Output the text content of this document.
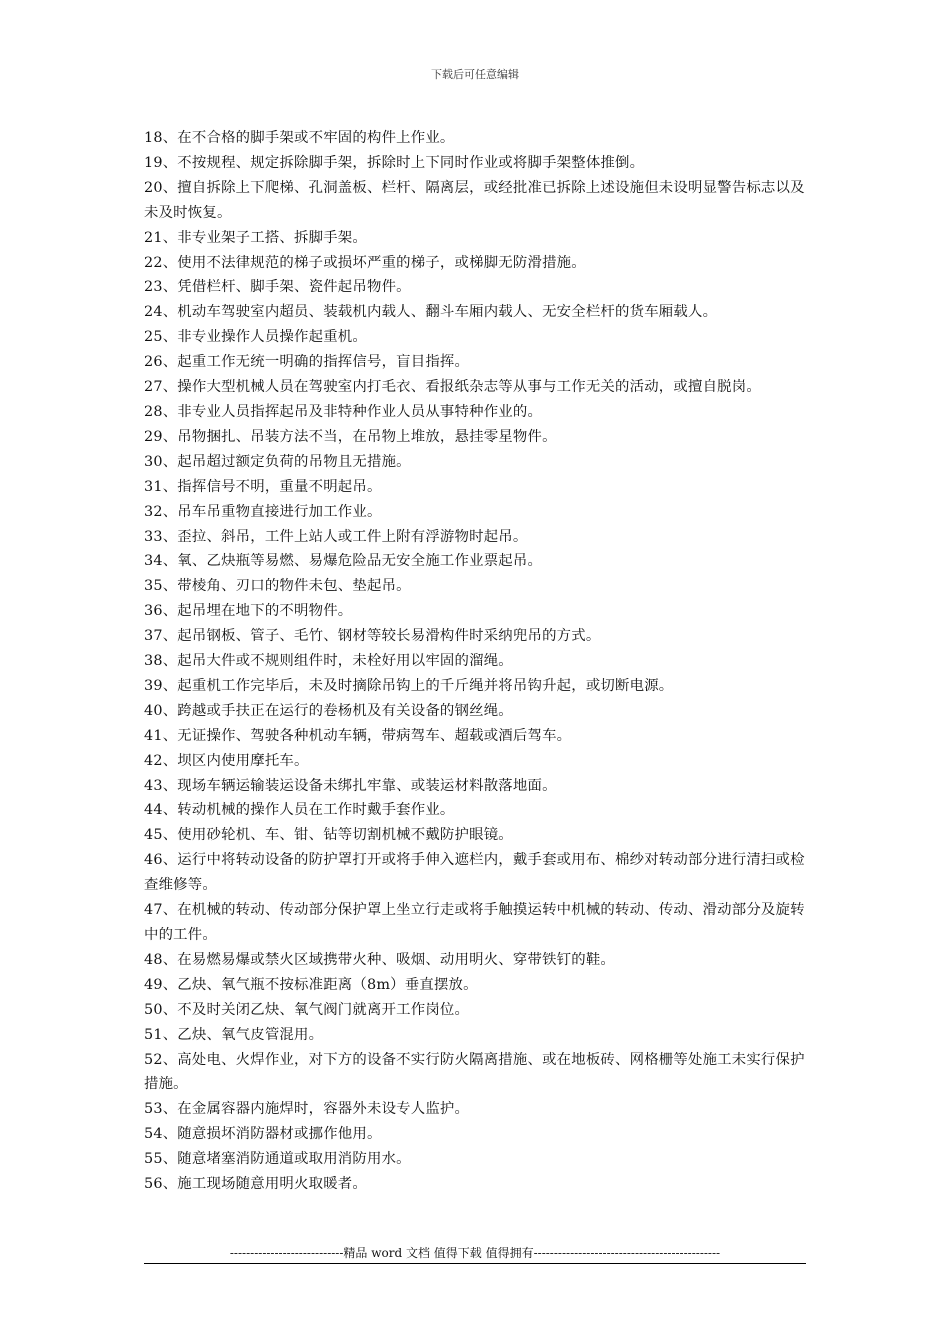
下载后可任意编辑

18、在不合格的脚手架或不牢固的构件上作业。

19、不按规程、规定拆除脚手架，拆除时上下同时作业或将脚手架整体推倒。

20、擅自拆除上下爬梯、孔洞盖板、栏杆、隔离层，或经批准已拆除上述设施但未设明显警告标志以及未及时恢复。

21、非专业架子工搭、拆脚手架。

22、使用不法律规范的梯子或损坏严重的梯子，或梯脚无防滑措施。

23、凭借栏杆、脚手架、瓷件起吊物件。

24、机动车驾驶室内超员、装载机内载人、翻斗车厢内载人、无安全栏杆的货车厢载人。

25、非专业操作人员操作起重机。

26、起重工作无统一明确的指挥信号，盲目指挥。

27、操作大型机械人员在驾驶室内打毛衣、看报纸杂志等从事与工作无关的活动，或擅自脱岗。

28、非专业人员指挥起吊及非特种作业人员从事特种作业的。

29、吊物捆扎、吊装方法不当，在吊物上堆放，悬挂零星物件。

30、起吊超过额定负荷的吊物且无措施。

31、指挥信号不明，重量不明起吊。

32、吊车吊重物直接进行加工作业。

33、歪拉、斜吊，工件上站人或工件上附有浮游物时起吊。

34、氧、乙炔瓶等易燃、易爆危险品无安全施工作业票起吊。

35、带棱角、刃口的物件未包、垫起吊。

36、起吊埋在地下的不明物件。

37、起吊钢板、管子、毛竹、钢材等较长易滑构件时采纳兜吊的方式。

38、起吊大件或不规则组件时，未栓好用以牢固的溜绳。

39、起重机工作完毕后，未及时摘除吊钩上的千斤绳并将吊钩升起，或切断电源。

40、跨越或手扶正在运行的卷杨机及有关设备的钢丝绳。

41、无证操作、驾驶各种机动车辆，带病驾车、超载或酒后驾车。

42、坝区内使用摩托车。

43、现场车辆运输装运设备未绑扎牢靠、或装运材料散落地面。

44、转动机械的操作人员在工作时戴手套作业。

45、使用砂轮机、车、钳、钻等切割机械不戴防护眼镜。

46、运行中将转动设备的防护罩打开或将手伸入遮栏内，戴手套或用布、棉纱对转动部分进行清扫或检查维修等。

47、在机械的转动、传动部分保护罩上坐立行走或将手触摸运转中机械的转动、传动、滑动部分及旋转中的工件。

48、在易燃易爆或禁火区域携带火种、吸烟、动用明火、穿带铁钉的鞋。

49、乙炔、氧气瓶不按标准距离（8m）垂直摆放。

50、不及时关闭乙炔、氧气阀门就离开工作岗位。

51、乙炔、氧气皮管混用。

52、高处电、火焊作业，对下方的设备不实行防火隔离措施、或在地板砖、网格栅等处施工未实行保护措施。

53、在金属容器内施焊时，容器外未设专人监护。

54、随意损坏消防器材或挪作他用。

55、随意堵塞消防通道或取用消防用水。

56、施工现场随意用明火取暖者。

----------------------------精品 word 文档 值得下载 值得拥有----------------------------------------------
